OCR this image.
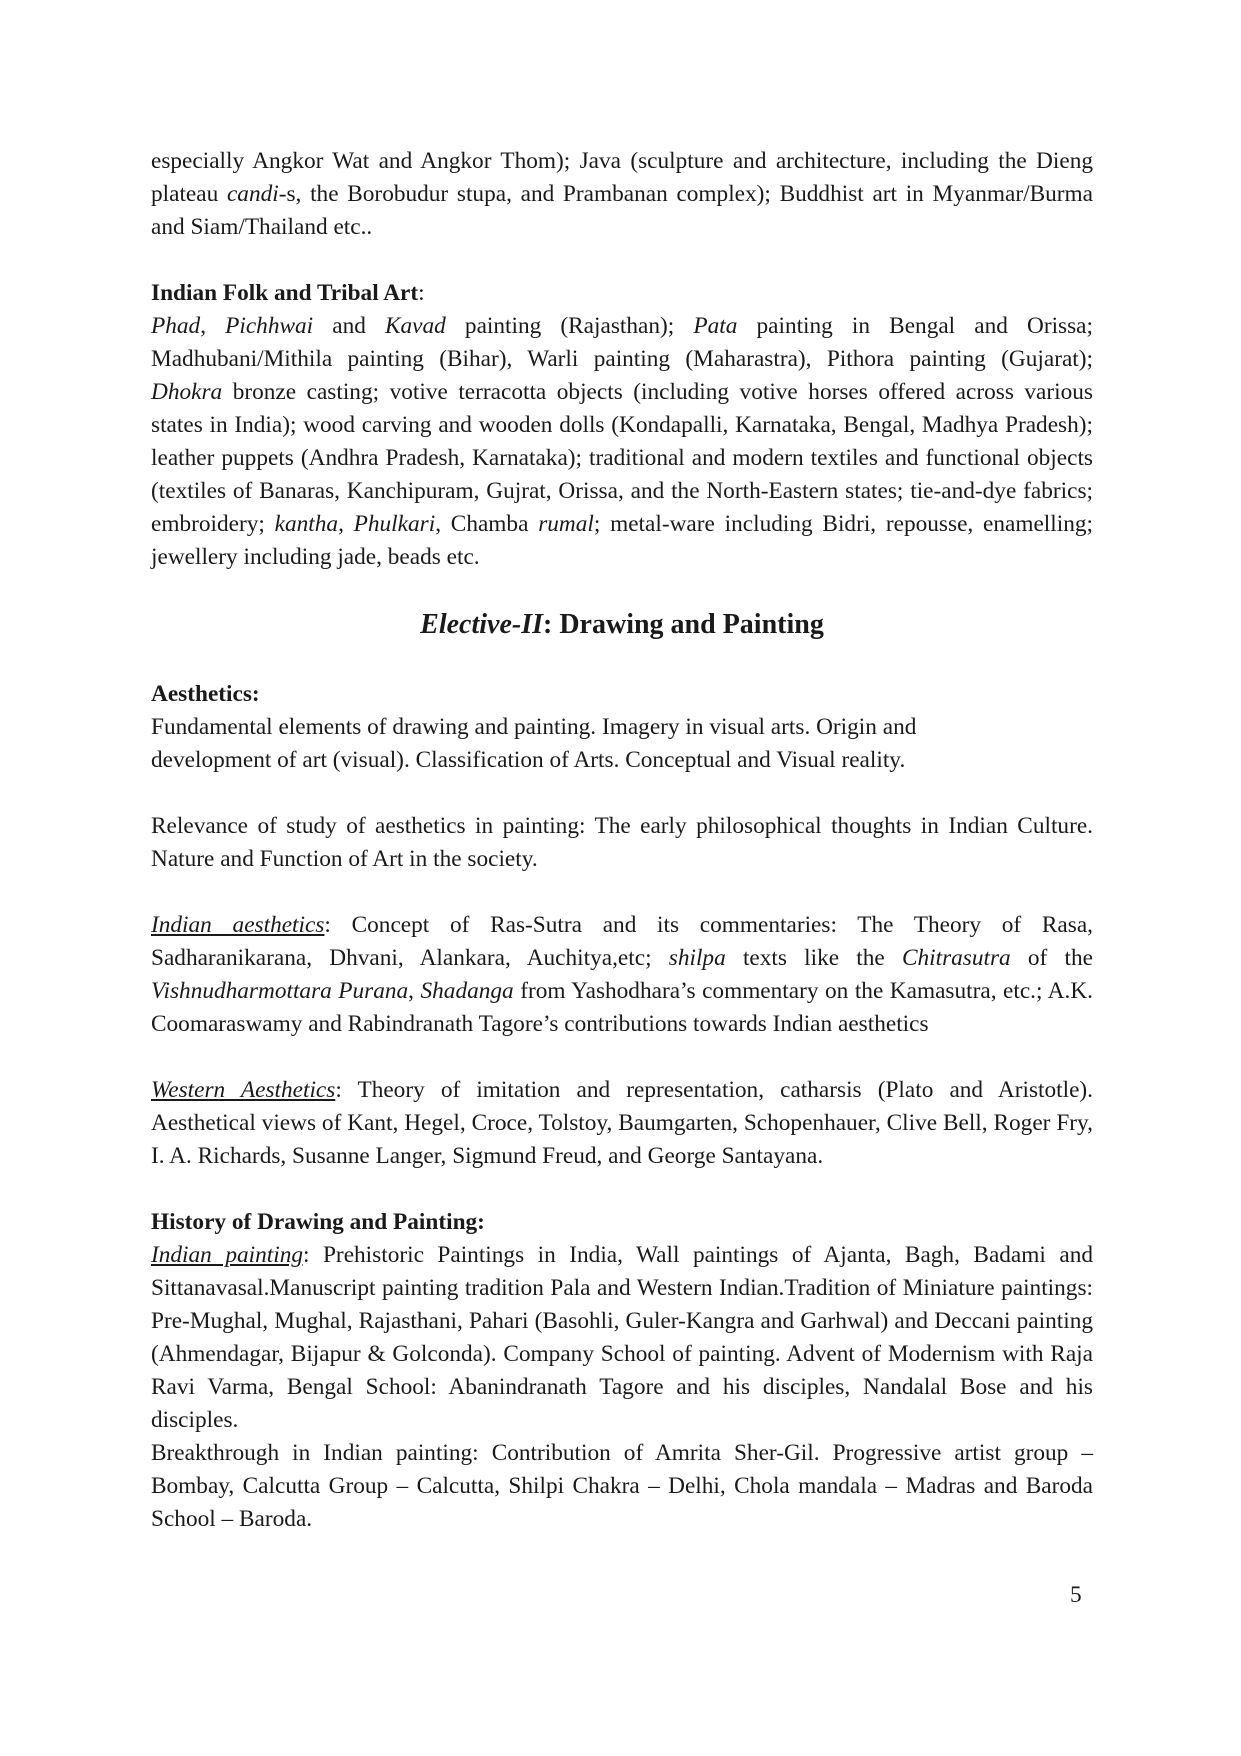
especially Angkor Wat and Angkor Thom); Java (sculpture and architecture, including the Dieng plateau candi-s, the Borobudur stupa, and Prambanan complex); Buddhist art in Myanmar/Burma and Siam/Thailand etc..

Indian Folk and Tribal Art:

Phad, Pichhwai and Kavad painting (Rajasthan); Pata painting in Bengal and Orissa; Madhubani/Mithila painting (Bihar), Warli painting (Maharastra), Pithora painting (Gujarat); Dhokra bronze casting; votive terracotta objects (including votive horses offered across various states in India); wood carving and wooden dolls (Kondapalli, Karnataka, Bengal, Madhya Pradesh); leather puppets (Andhra Pradesh, Karnataka); traditional and modern textiles and functional objects (textiles of Banaras, Kanchipuram, Gujrat, Orissa, and the North-Eastern states; tie-and-dye fabrics; embroidery; kantha, Phulkari, Chamba rumal; metal-ware including Bidri, repousse, enamelling; jewellery including jade, beads etc.

Elective-II: Drawing and Painting

Aesthetics:

Fundamental elements of drawing and painting. Imagery in visual arts. Origin and development of art (visual). Classification of Arts. Conceptual and Visual reality.

Relevance of study of aesthetics in painting: The early philosophical thoughts in Indian Culture. Nature and Function of Art in the society.

Indian aesthetics: Concept of Ras-Sutra and its commentaries: The Theory of Rasa, Sadharanikarana, Dhvani, Alankara, Auchitya,etc; shilpa texts like the Chitrasutra of the Vishnudharmottara Purana, Shadanga from Yashodhara’s commentary on the Kamasutra, etc.; A.K. Coomaraswamy and Rabindranath Tagore’s contributions towards Indian aesthetics

Western Aesthetics: Theory of imitation and representation, catharsis (Plato and Aristotle). Aesthetical views of Kant, Hegel, Croce, Tolstoy, Baumgarten, Schopenhauer, Clive Bell, Roger Fry, I. A. Richards, Susanne Langer, Sigmund Freud, and George Santayana.

History of Drawing and Painting:

Indian painting: Prehistoric Paintings in India, Wall paintings of Ajanta, Bagh, Badami and Sittanavasal.Manuscript painting tradition Pala and Western Indian.Tradition of Miniature paintings: Pre-Mughal, Mughal, Rajasthani, Pahari (Basohli, Guler-Kangra and Garhwal) and Deccani painting (Ahmendagar, Bijapur & Golconda). Company School of painting. Advent of Modernism with Raja Ravi Varma, Bengal School: Abanindranath Tagore and his disciples, Nandalal Bose and his disciples.

Breakthrough in Indian painting: Contribution of Amrita Sher-Gil. Progressive artist group – Bombay, Calcutta Group – Calcutta, Shilpi Chakra – Delhi, Chola mandala – Madras and Baroda School – Baroda.

5
